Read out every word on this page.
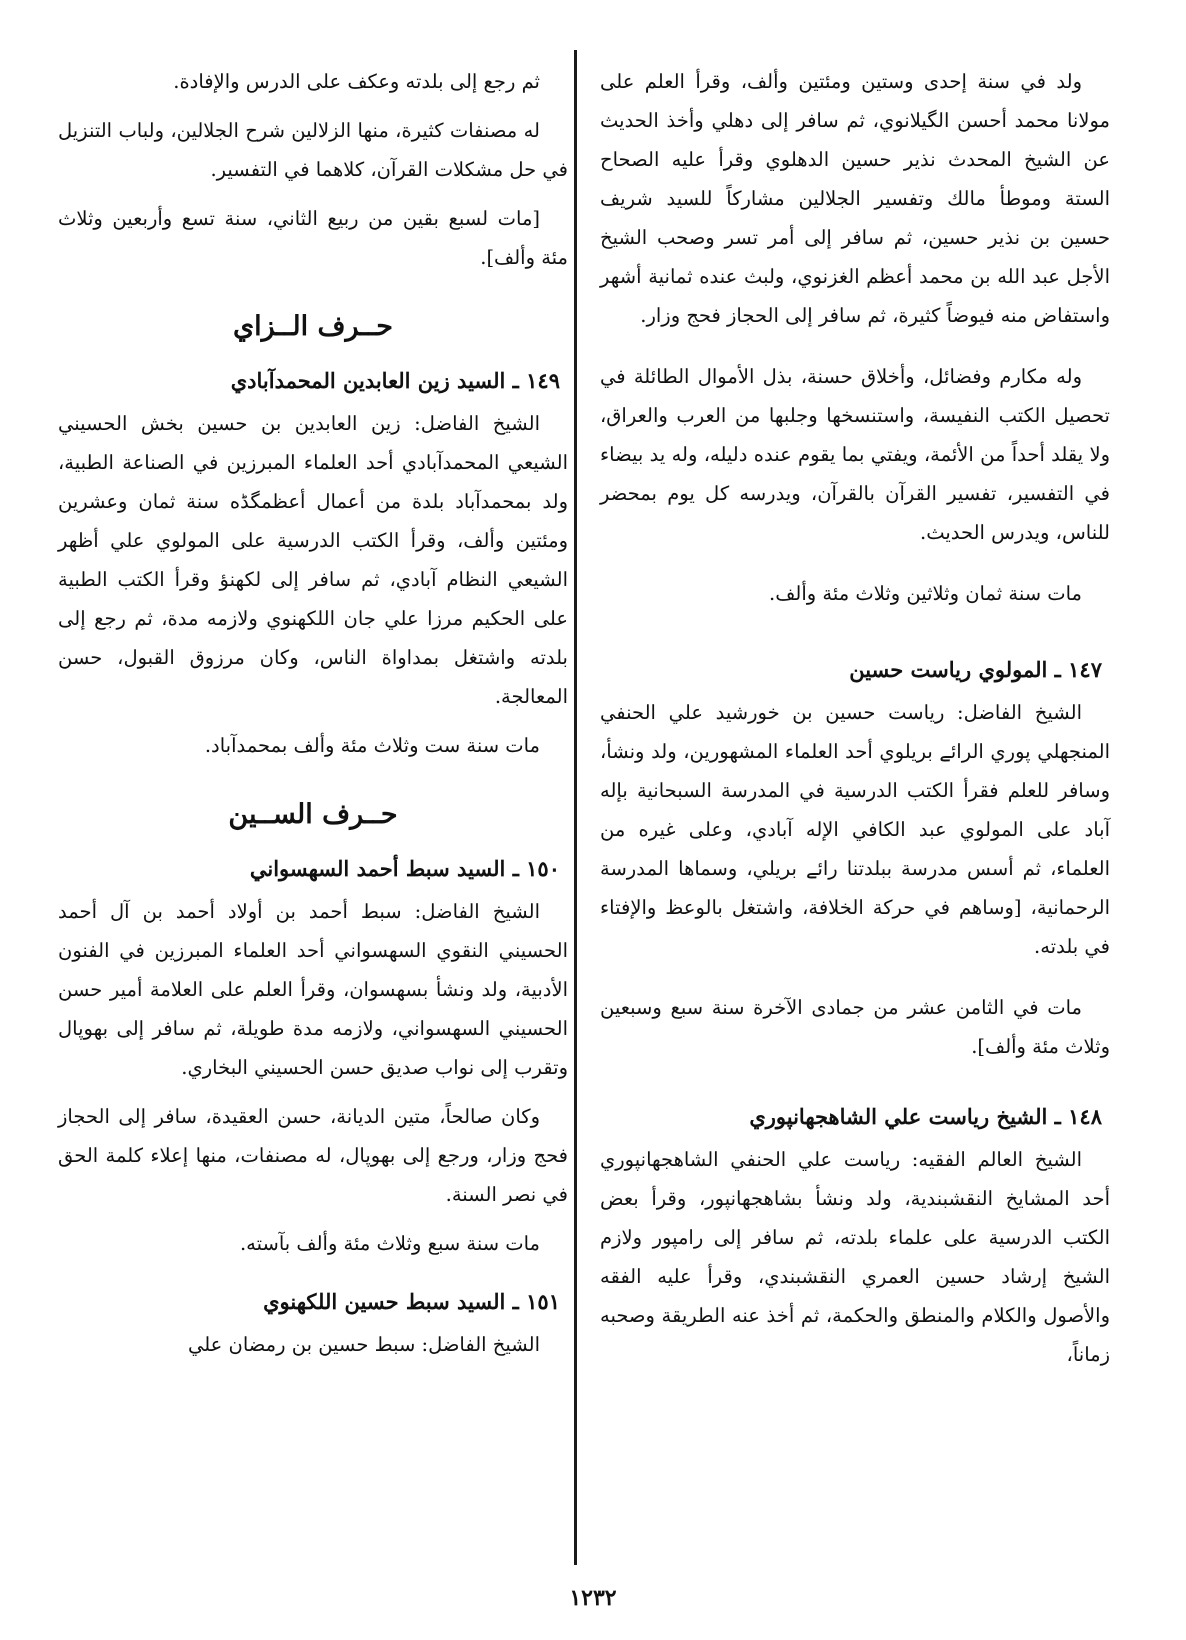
ولد في سنة إحدى وستين ومئتين وألف، وقرأ العلم على مولانا محمد أحسن الگيلانوي، ثم سافر إلى دهلي وأخذ الحديث عن الشيخ المحدث نذير حسين الدهلوي وقرأ عليه الصحاح الستة وموطأ مالك وتفسير الجلالين مشاركاً للسيد شريف حسين بن نذير حسين، ثم سافر إلى أمر تسر وصحب الشيخ الأجل عبد الله بن محمد أعظم الغزنوي، ولبث عنده ثمانية أشهر واستفاض منه فيوضاً كثيرة، ثم سافر إلى الحجاز فحج وزار.

وله مكارم وفضائل، وأخلاق حسنة، بذل الأموال الطائلة في تحصيل الكتب النفيسة، واستنسخها وجلبها من العرب والعراق، ولا يقلد أحداً من الأئمة، ويفتي بما يقوم عنده دليله، وله يد بيضاء في التفسير، تفسير القرآن بالقرآن، ويدرسه كل يوم بمحضر للناس، ويدرس الحديث.

مات سنة ثمان وثلاثين وثلاث مئة وألف.

١٤٧ ـ المولوي رياست حسين

الشيخ الفاضل: رياست حسين بن خورشيد علي الحنفي المنجهلي پوري الرائے بريلوي أحد العلماء المشهورين، ولد ونشأ، وسافر للعلم فقرأ الكتب الدرسية في المدرسة السبحانية بإله آباد على المولوي عبد الكافي الإله آبادي، وعلى غيره من العلماء، ثم أسس مدرسة ببلدتنا رائے بريلي، وسماها المدرسة الرحمانية، [وساهم في حركة الخلافة، واشتغل بالوعظ والإفتاء في بلدته.

مات في الثامن عشر من جمادى الآخرة سنة سبع وسبعين وثلاث مئة وألف].

١٤٨ ـ الشيخ رياست علي الشاهجهانپوري

الشيخ العالم الفقيه: رياست علي الحنفي الشاهجهانپوري أحد المشايخ النقشبندية، ولد ونشأ بشاهجهانپور، وقرأ بعض الكتب الدرسية على علماء بلدته، ثم سافر إلى رامپور ولازم الشيخ إرشاد حسين العمري النقشبندي، وقرأ عليه الفقه والأصول والكلام والمنطق والحكمة، ثم أخذ عنه الطريقة وصحبه زماناً،

ثم رجع إلى بلدته وعكف على الدرس والإفادة.

له مصنفات كثيرة، منها الزلالين شرح الجلالين، ولباب التنزيل في حل مشكلات القرآن، كلاهما في التفسير.

[مات لسبع بقين من ربيع الثاني، سنة تسع وأربعين وثلاث مئة وألف].

حــرف الــزاي
١٤٩ ـ السيد زين العابدين المحمدآبادي

الشيخ الفاضل: زين العابدين بن حسين بخش الحسيني الشيعي المحمدآبادي أحد العلماء المبرزين في الصناعة الطبية، ولد بمحمدآباد بلدة من أعمال أعظمگڈه سنة ثمان وعشرين ومئتين وألف، وقرأ الكتب الدرسية على المولوي علي أظهر الشيعي النظام آبادي، ثم سافر إلى لكهنؤ وقرأ الكتب الطبية على الحكيم مرزا علي جان اللكهنوي ولازمه مدة، ثم رجع إلى بلدته واشتغل بمداواة الناس، وكان مرزوق القبول، حسن المعالجة.

مات سنة ست وثلاث مئة وألف بمحمدآباد.

حــرف الســين
١٥٠ ـ السيد سبط أحمد السهسواني

الشيخ الفاضل: سبط أحمد بن أولاد أحمد بن آل أحمد الحسيني النقوي السهسواني أحد العلماء المبرزين في الفنون الأدبية، ولد ونشأ بسهسوان، وقرأ العلم على العلامة أمير حسن الحسيني السهسواني، ولازمه مدة طويلة، ثم سافر إلى بهوپال وتقرب إلى نواب صديق حسن الحسيني البخاري.

وكان صالحاً، متين الديانة، حسن العقيدة، سافر إلى الحجاز فحج وزار، ورجع إلى بهوپال، له مصنفات، منها إعلاء كلمة الحق في نصر السنة.

مات سنة سبع وثلاث مئة وألف بآسته.

١٥١ ـ السيد سبط حسين اللكهنوي

الشيخ الفاضل: سبط حسين بن رمضان علي

١٢٣٢
